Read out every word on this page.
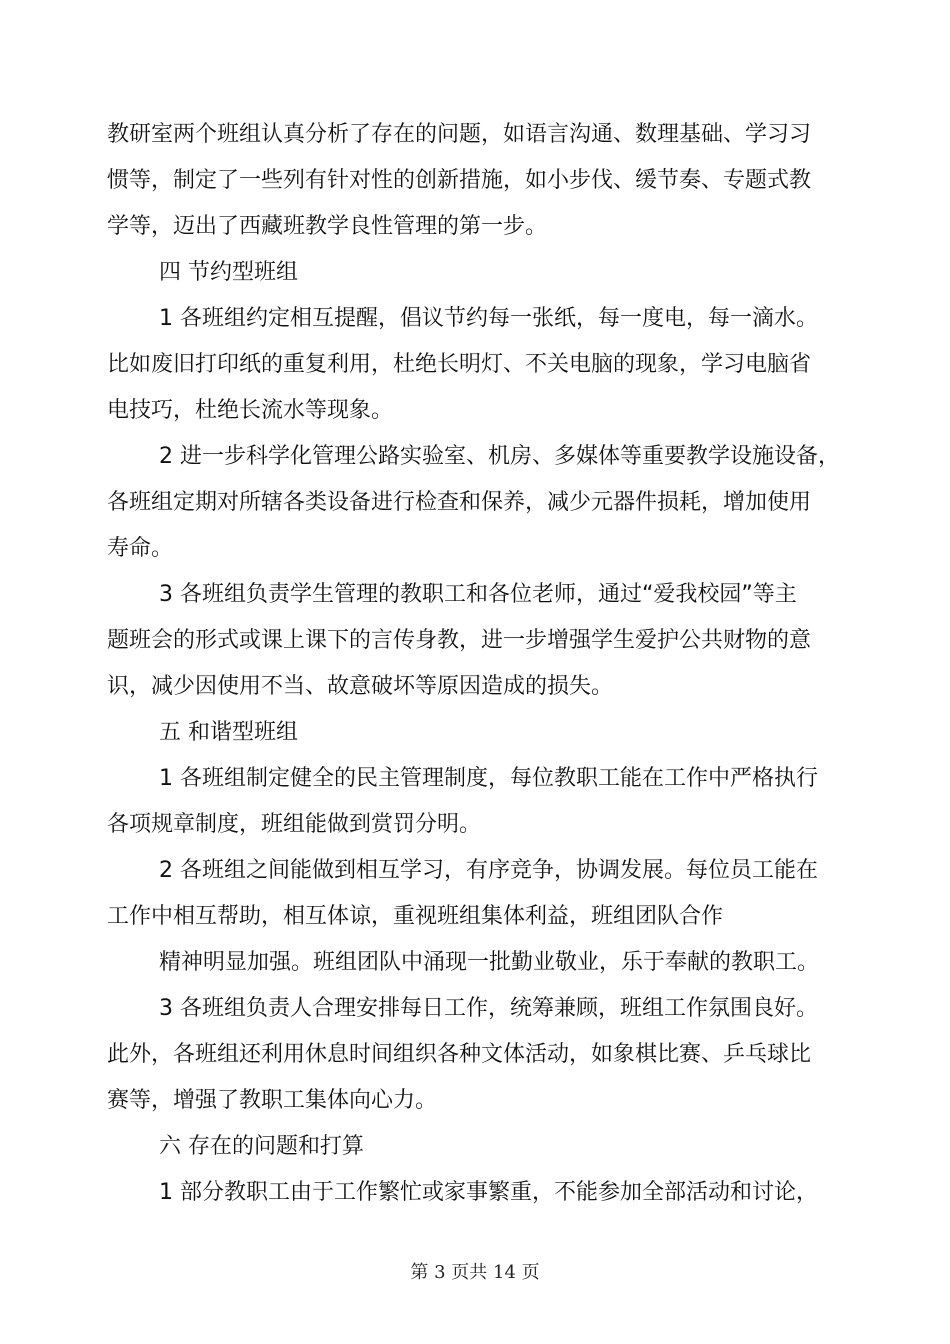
教研室两个班组认真分析了存在的问题，如语言沟通、数理基础、学习习
惯等，制定了一些列有针对性的创新措施，如小步伐、缓节奏、专题式教
学等，迈出了西藏班教学良性管理的第一步。
四 节约型班组
1 各班组约定相互提醒，倡议节约每一张纸，每一度电，每一滴水。
比如废旧打印纸的重复利用，杜绝长明灯、不关电脑的现象，学习电脑省
电技巧，杜绝长流水等现象。
2 进一步科学化管理公路实验室、机房、多媒体等重要教学设施设备，
各班组定期对所辖各类设备进行检查和保养，减少元器件损耗，增加使用
寿命。
3 各班组负责学生管理的教职工和各位老师，通过“爱我校园”等主
题班会的形式或课上课下的言传身教，进一步增强学生爱护公共财物的意
识，减少因使用不当、故意破坏等原因造成的损失。
五 和谐型班组
1 各班组制定健全的民主管理制度，每位教职工能在工作中严格执行
各项规章制度，班组能做到赏罚分明。
2 各班组之间能做到相互学习，有序竞争，协调发展。每位员工能在
工作中相互帮助，相互体谅，重视班组集体利益，班组团队合作
精神明显加强。班组团队中涌现一批勤业敬业，乐于奉献的教职工。
3 各班组负责人合理安排每日工作，统筹兼顾，班组工作氛围良好。
此外，各班组还利用休息时间组织各种文体活动，如象棋比赛、乒乓球比
赛等，增强了教职工集体向心力。
六 存在的问题和打算
1 部分教职工由于工作繁忙或家事繁重，不能参加全部活动和讨论，
第 3 页共 14 页
